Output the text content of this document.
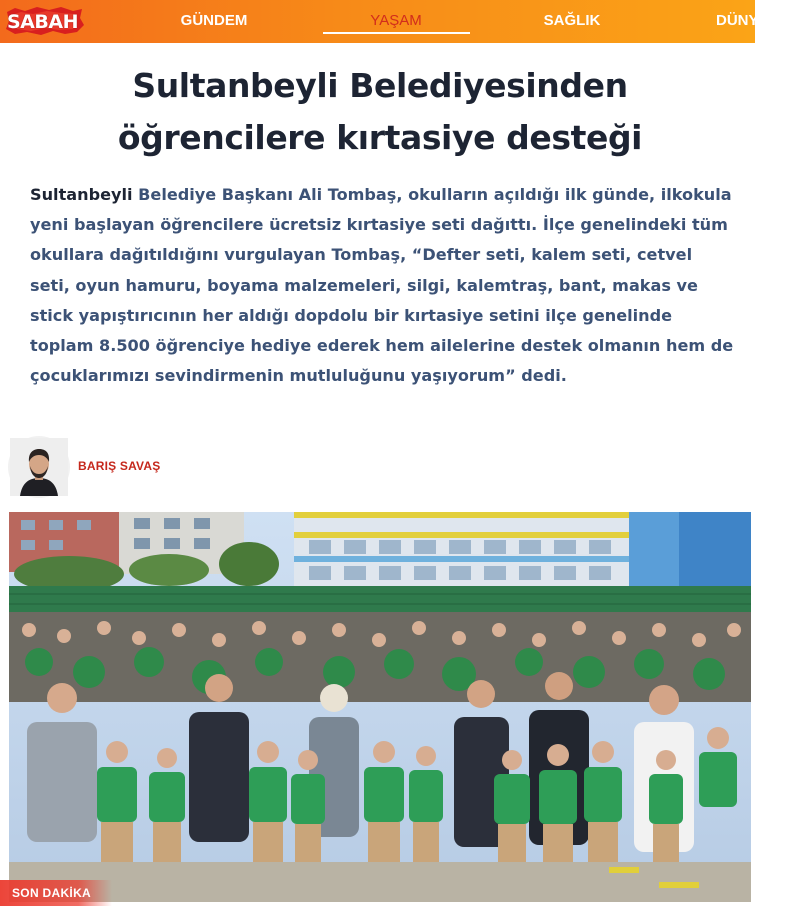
SABAH	GÜNDEM	YAŞAM	SAĞLIK	DÜNYA
Sultanbeyli Belediyesinden öğrencilere kırtasiye desteği

Sultanbeyli Belediye Başkanı Ali Tombaş, okulların açıldığı ilk günde, ilkokula yeni başlayan öğrencilere ücretsiz kırtasiye seti dağıttı. İlçe genelindeki tüm okullara dağıtıldığını vurgulayan Tombaş, “Defter seti, kalem seti, cetvel seti, oyun hamuru, boyama malzemeleri, silgi, kalemtraş, bant, makas ve stick yapıştırıcının her aldığı dopdolu bir kırtasiye setini ilçe genelinde toplam 8.500 öğrenciye hediye ederek hem ailelerine destek olmanın hem de çocuklarımızı sevindirmenin mutluluğunu yaşıyorum” dedi.

BARIŞ SAVAŞ
SON DAKİKA
